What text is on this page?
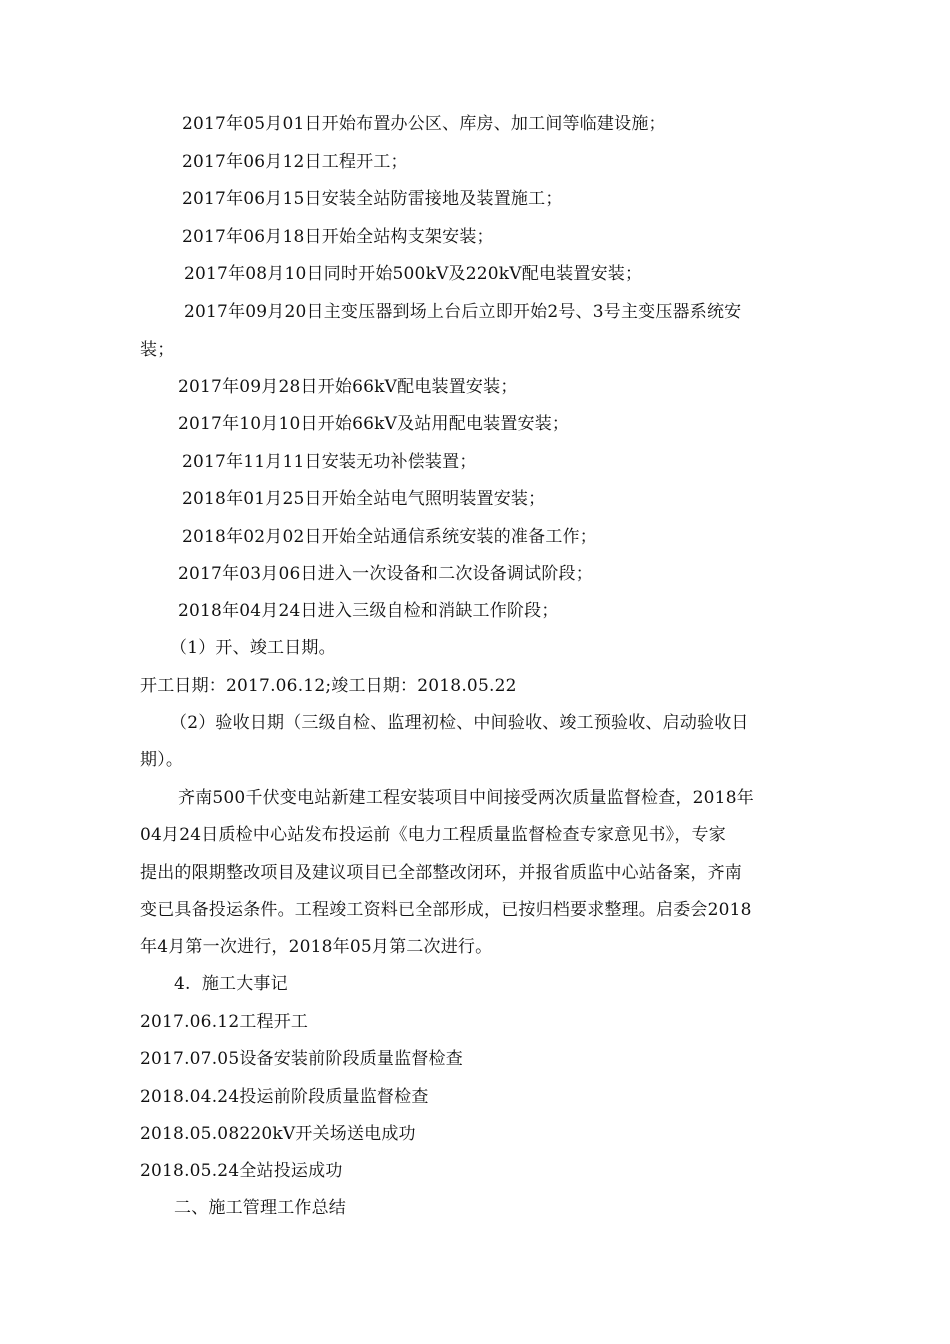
2017年05月01日开始布置办公区、库房、加工间等临建设施；
2017年06月12日工程开工；
2017年06月15日安装全站防雷接地及装置施工；
2017年06月18日开始全站构支架安装；
2017年08月10日同时开始500kV及220kV配电装置安装；
2017年09月20日主变压器到场上台后立即开始2号、3号主变压器系统安
装；
2017年09月28日开始66kV配电装置安装；
2017年10月10日开始66kV及站用配电装置安装；
2017年11月11日安装无功补偿装置；
2018年01月25日开始全站电气照明装置安装；
2018年02月02日开始全站通信系统安装的准备工作；
2017年03月06日进入一次设备和二次设备调试阶段；
2018年04月24日进入三级自检和消缺工作阶段；
（1）开、竣工日期。
开工日期：2017.06.12;竣工日期：2018.05.22
（2）验收日期（三级自检、监理初检、中间验收、竣工预验收、启动验收日
期）。
齐南500千伏变电站新建工程安装项目中间接受两次质量监督检查，2018年
04月24日质检中心站发布投运前《电力工程质量监督检查专家意见书》，专家
提出的限期整改项目及建议项目已全部整改闭环，并报省质监中心站备案，齐南
变已具备投运条件。工程竣工资料已全部形成，已按归档要求整理。启委会2018
年4月第一次进行，2018年05月第二次进行。
4.  施工大事记
2017.06.12工程开工
2017.07.05设备安装前阶段质量监督检查
2018.04.24投运前阶段质量监督检查
2018.05.08220kV开关场送电成功
2018.05.24全站投运成功
二、施工管理工作总结
